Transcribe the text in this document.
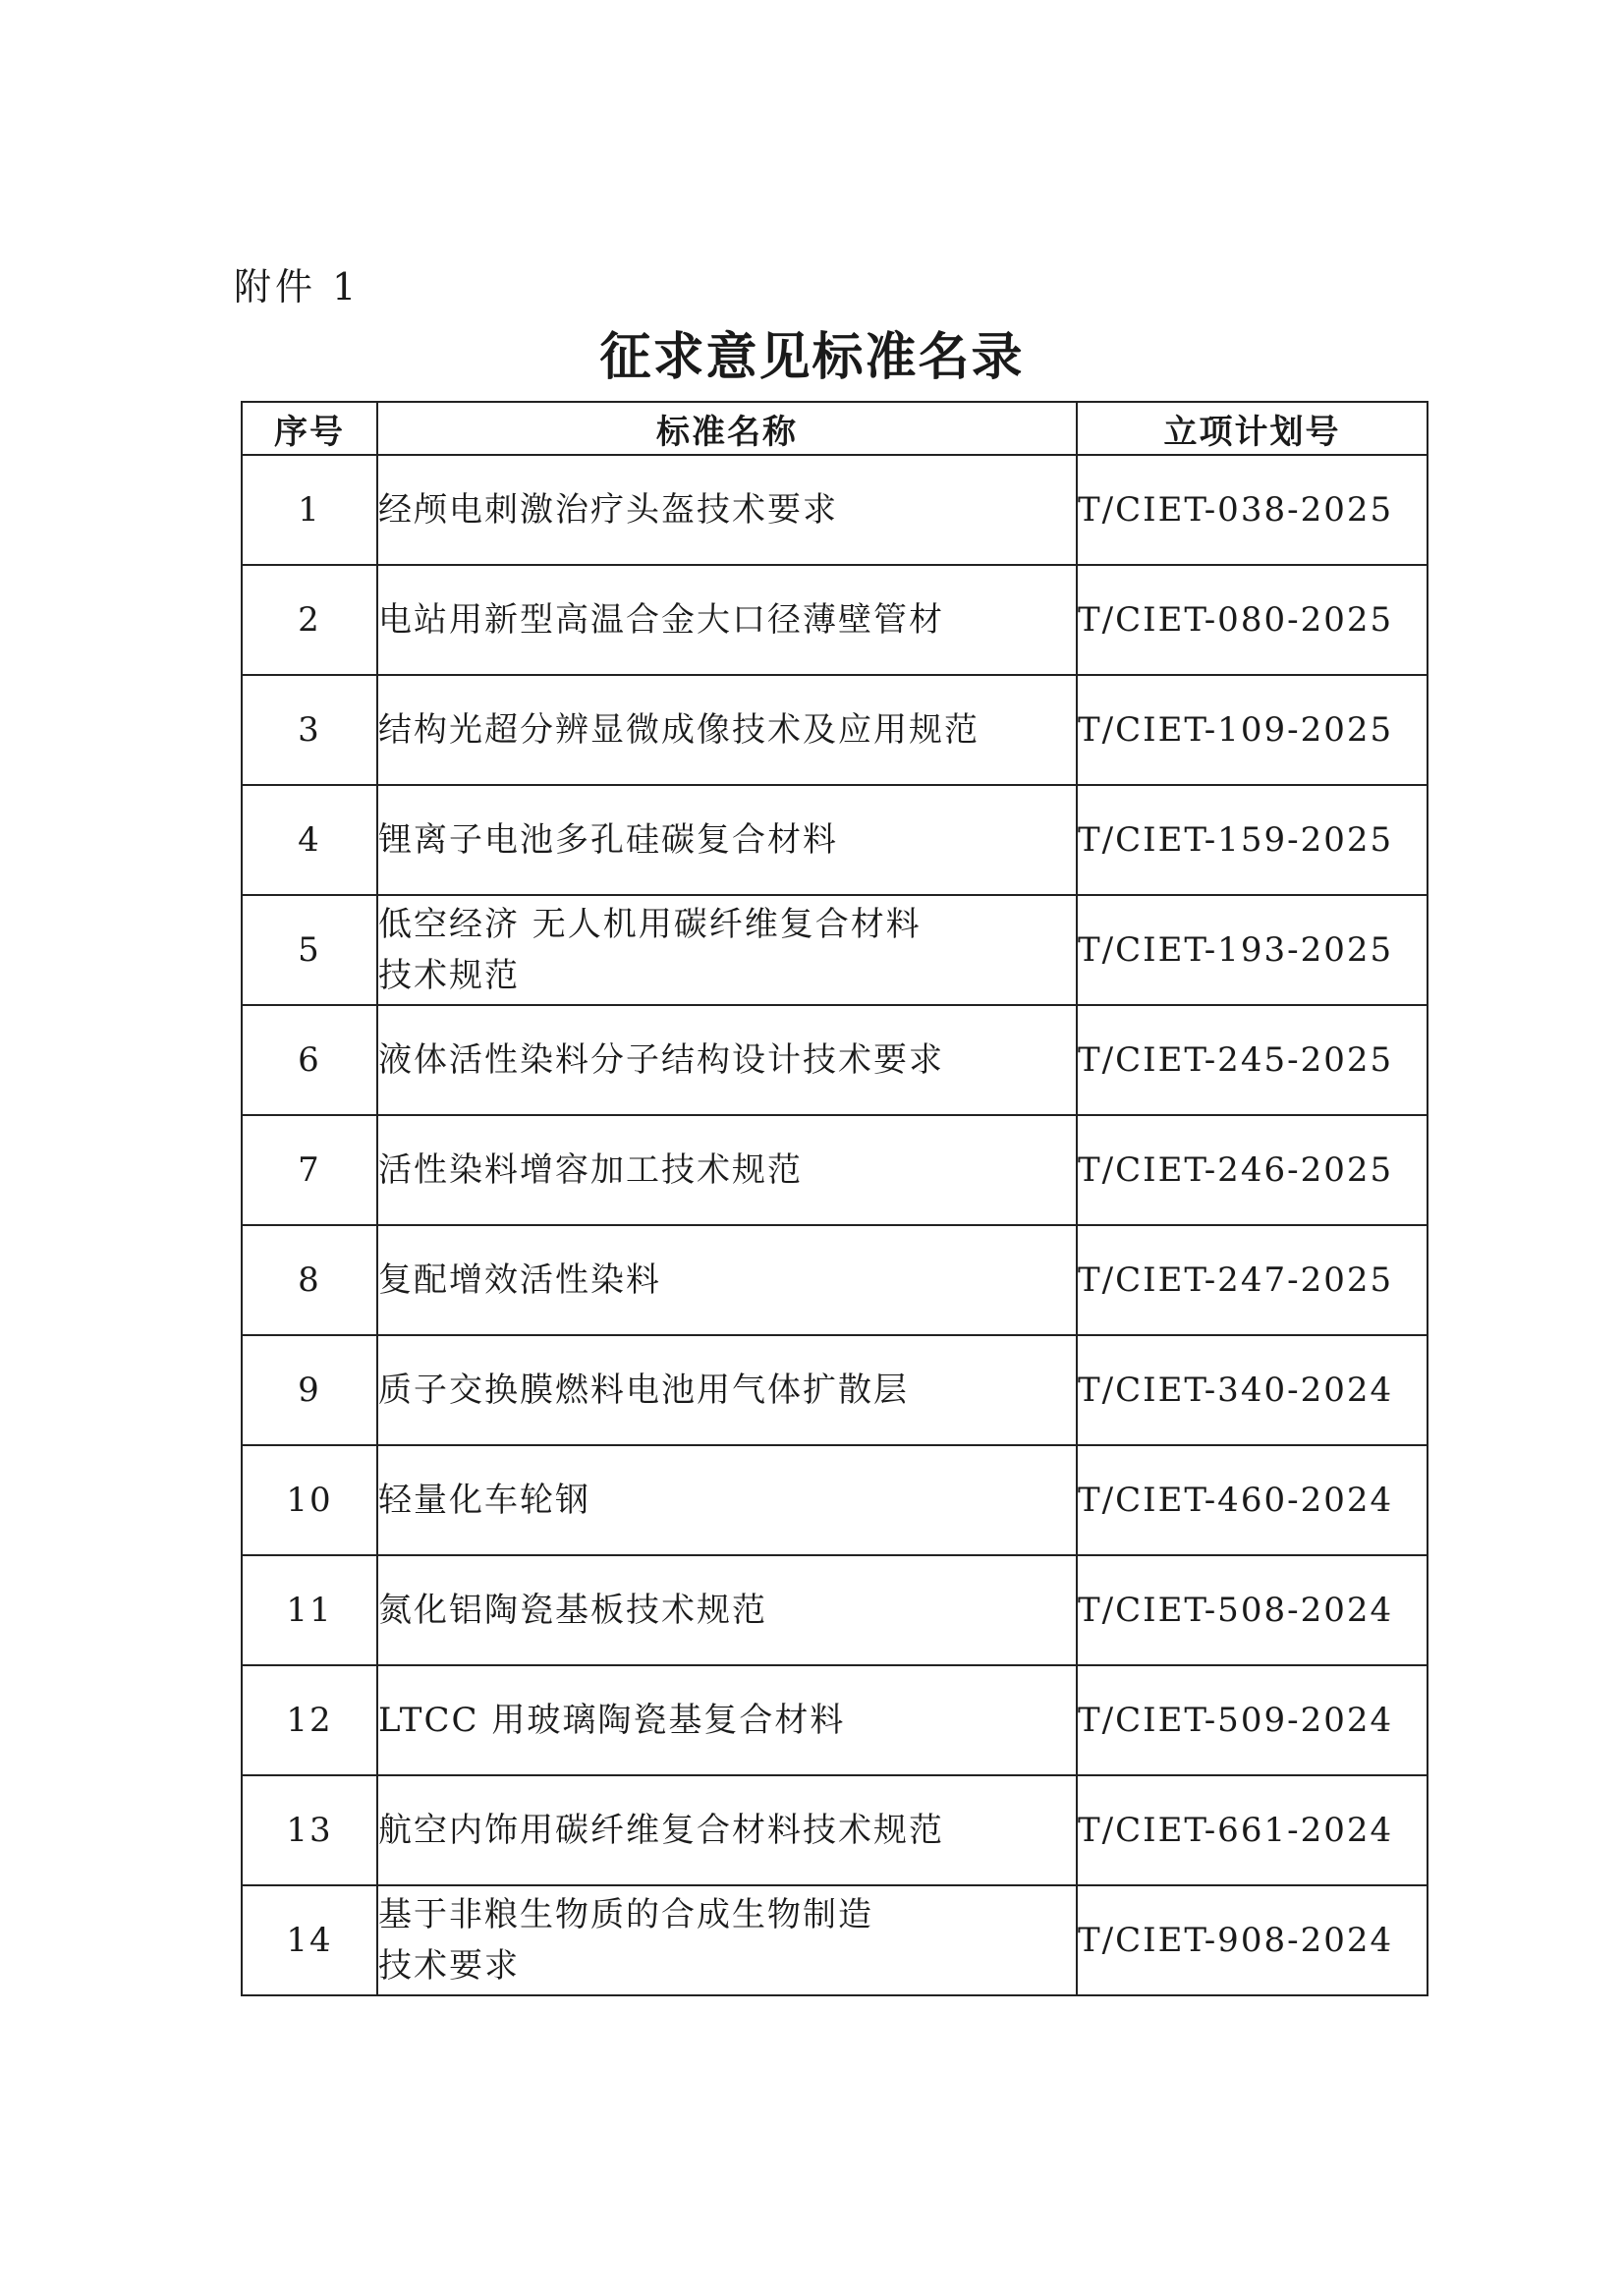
附件 1
征求意见标准名录
序号	标准名称	立项计划号
1	经颅电刺激治疗头盔技术要求	T/CIET-038-2025
2	电站用新型高温合金大口径薄壁管材	T/CIET-080-2025
3	结构光超分辨显微成像技术及应用规范	T/CIET-109-2025
4	锂离子电池多孔硅碳复合材料	T/CIET-159-2025
5	低空经济 无人机用碳纤维复合材料
技术规范	T/CIET-193-2025
6	液体活性染料分子结构设计技术要求	T/CIET-245-2025
7	活性染料增容加工技术规范	T/CIET-246-2025
8	复配增效活性染料	T/CIET-247-2025
9	质子交换膜燃料电池用气体扩散层	T/CIET-340-2024
10	轻量化车轮钢	T/CIET-460-2024
11	氮化铝陶瓷基板技术规范	T/CIET-508-2024
12	LTCC 用玻璃陶瓷基复合材料	T/CIET-509-2024
13	航空内饰用碳纤维复合材料技术规范	T/CIET-661-2024
14	基于非粮生物质的合成生物制造
技术要求	T/CIET-908-2024
